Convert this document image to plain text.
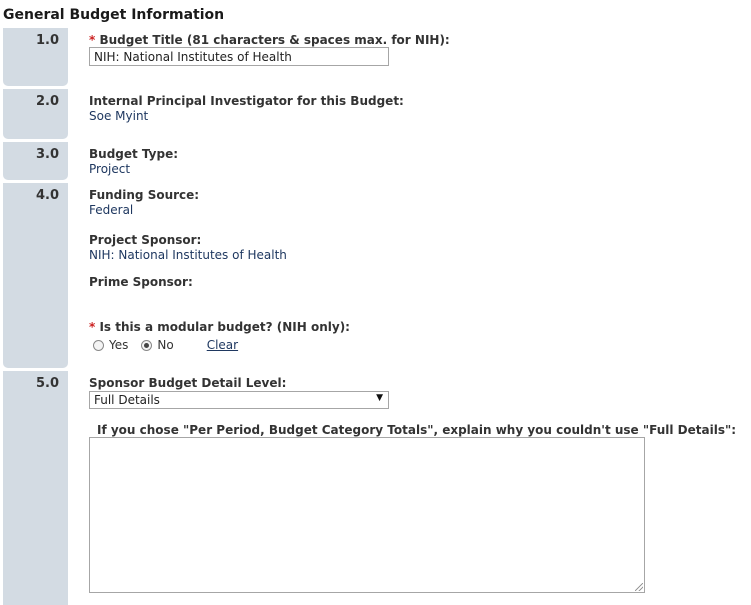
General Budget Information
1.0
2.0
3.0
4.0
5.0
* Budget Title (81 characters & spaces max. for NIH):
NIH: National Institutes of Health
Internal Principal Investigator for this Budget:
Soe Myint
Budget Type:
Project
Funding Source:
Federal
Project Sponsor:
NIH: National Institutes of Health
Prime Sponsor:
* Is this a modular budget? (NIH only):
Yes No	Clear
Sponsor Budget Detail Level:
Full Details	▼
If you chose "Per Period, Budget Category Totals", explain why you couldn't use "Full Details":
